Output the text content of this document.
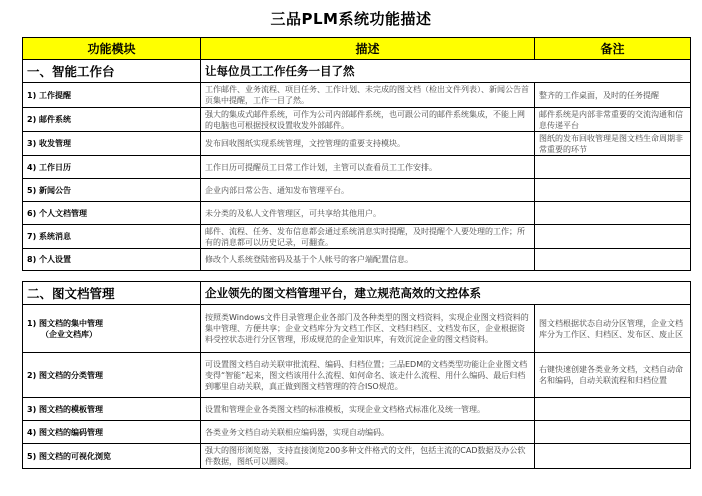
三品PLM系统功能描述
功能模块	描述	备注
一、智能工作台	让每位员工工作任务一目了然	
1) 工作提醒	工作邮件、业务流程、项目任务、工作计划、未完成的图文档（检出文件列表）、新闻公告首页集中提醒，工作一目了然。	整齐的工作桌面，及时的任务提醒
2) 邮件系统	强大的集成式邮件系统，可作为公司内部邮件系统，也可跟公司的邮件系统集成，不能上网的电脑也可根据授权设置收发外部邮件。	邮件系统是内部非常重要的交流沟通和信息传递平台
3) 收发管理	发布回收图纸实现系统管理，文控管理的重要支持模块。	图纸的发布回收管理是图文档生命周期非常重要的环节
4) 工作日历	工作日历可提醒员工日常工作计划，主管可以查看员工工作安排。	
5) 新闻公告	企业内部日常公告、通知发布管理平台。	
6) 个人文档管理	未分类的及私人文件管理区，可共享给其他用户。	
7) 系统消息	邮件、流程、任务、发布信息都会通过系统消息实时提醒，及时提醒个人要处理的工作；所有的消息都可以历史记录，可翻查。	
8) 个人设置	修改个人系统登陆密码及基于个人帐号的客户端配置信息。	

二、图文档管理	企业领先的图文档管理平台，建立规范高效的文控体系	
1) 图文档的集中管理
（企业文档库）	按照类Windows文件目录管理企业各部门及各种类型的图文档资料，实现企业图文档资料的集中管理、方便共享；企业文档库分为文档工作区、文档归档区、文档发布区，企业根据资料受控状态进行分区管理，形成规范的企业知识库，有效沉淀企业的图文档资料。	图文档根据状态自动分区管理，企业文档库分为工作区、归档区、发布区、废止区
2) 图文档的分类管理	可设置图文档自动关联审批流程、编码、归档位置；三品EDM的文档类型功能让企业图文档变得“智能”起来，图文档该用什么流程、如何命名、该走什么流程、用什么编码、最后归档到哪里自动关联，真正做到图文档管理的符合ISO规范。	右键快速创建各类业务文档，文档自动命名和编码，自动关联流程和归档位置
3) 图文档的模板管理	设置和管理企业各类图文档的标准模板，实现企业文档格式标准化及统一管理。	
4) 图文档的编码管理	各类业务文档自动关联相应编码器，实现自动编码。	
5) 图文档的可视化浏览	强大的图形浏览器，支持直接浏览200多种文件格式的文件，包括主流的CAD数据及办公软件数据，图纸可以圈阅。	
